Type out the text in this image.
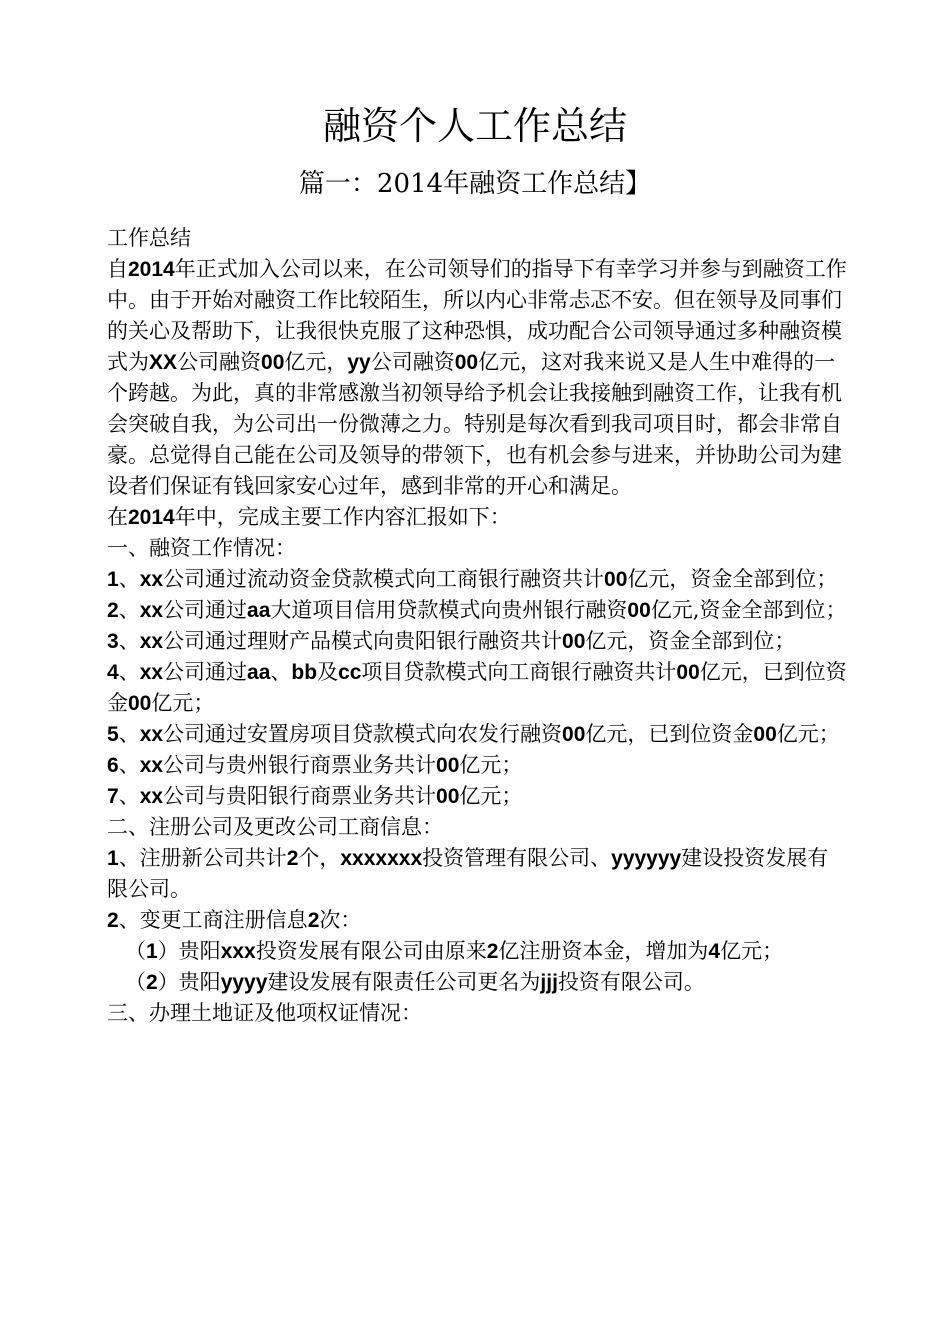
融资个人工作总结
篇一：2014年融资工作总结】

工作总结

自2014年正式加入公司以来，在公司领导们的指导下有幸学习并参与到融资工作中。由于开始对融资工作比较陌生，所以内心非常忐忑不安。但在领导及同事们的关心及帮助下，让我很快克服了这种恐惧，成功配合公司领导通过多种融资模式为XX公司融资00亿元，yy公司融资00亿元，这对我来说又是人生中难得的一个跨越。为此，真的非常感激当初领导给予机会让我接触到融资工作，让我有机会突破自我，为公司出一份微薄之力。特别是每次看到我司项目时，都会非常自豪。总觉得自己能在公司及领导的带领下，也有机会参与进来，并协助公司为建设者们保证有钱回家安心过年，感到非常的开心和满足。

在2014年中，完成主要工作内容汇报如下：

一、融资工作情况：

1、xx公司通过流动资金贷款模式向工商银行融资共计00亿元，资金全部到位；

2、xx公司通过aa大道项目信用贷款模式向贵州银行融资00亿元,资金全部到位；

3、xx公司通过理财产品模式向贵阳银行融资共计00亿元，资金全部到位；

4、xx公司通过aa、bb及cc项目贷款模式向工商银行融资共计00亿元，已到位资金00亿元；

5、xx公司通过安置房项目贷款模式向农发行融资00亿元，已到位资金00亿元；

6、xx公司与贵州银行商票业务共计00亿元；

7、xx公司与贵阳银行商票业务共计00亿元；

二、注册公司及更改公司工商信息：

1、注册新公司共计2个，xxxxxxx投资管理有限公司、yyyyyy建设投资发展有限公司。

2、变更工商注册信息2次：

（1）贵阳xxx投资发展有限公司由原来2亿注册资本金，增加为4亿元；

（2）贵阳yyyy建设发展有限责任公司更名为jjj投资有限公司。

三、办理土地证及他项权证情况：
